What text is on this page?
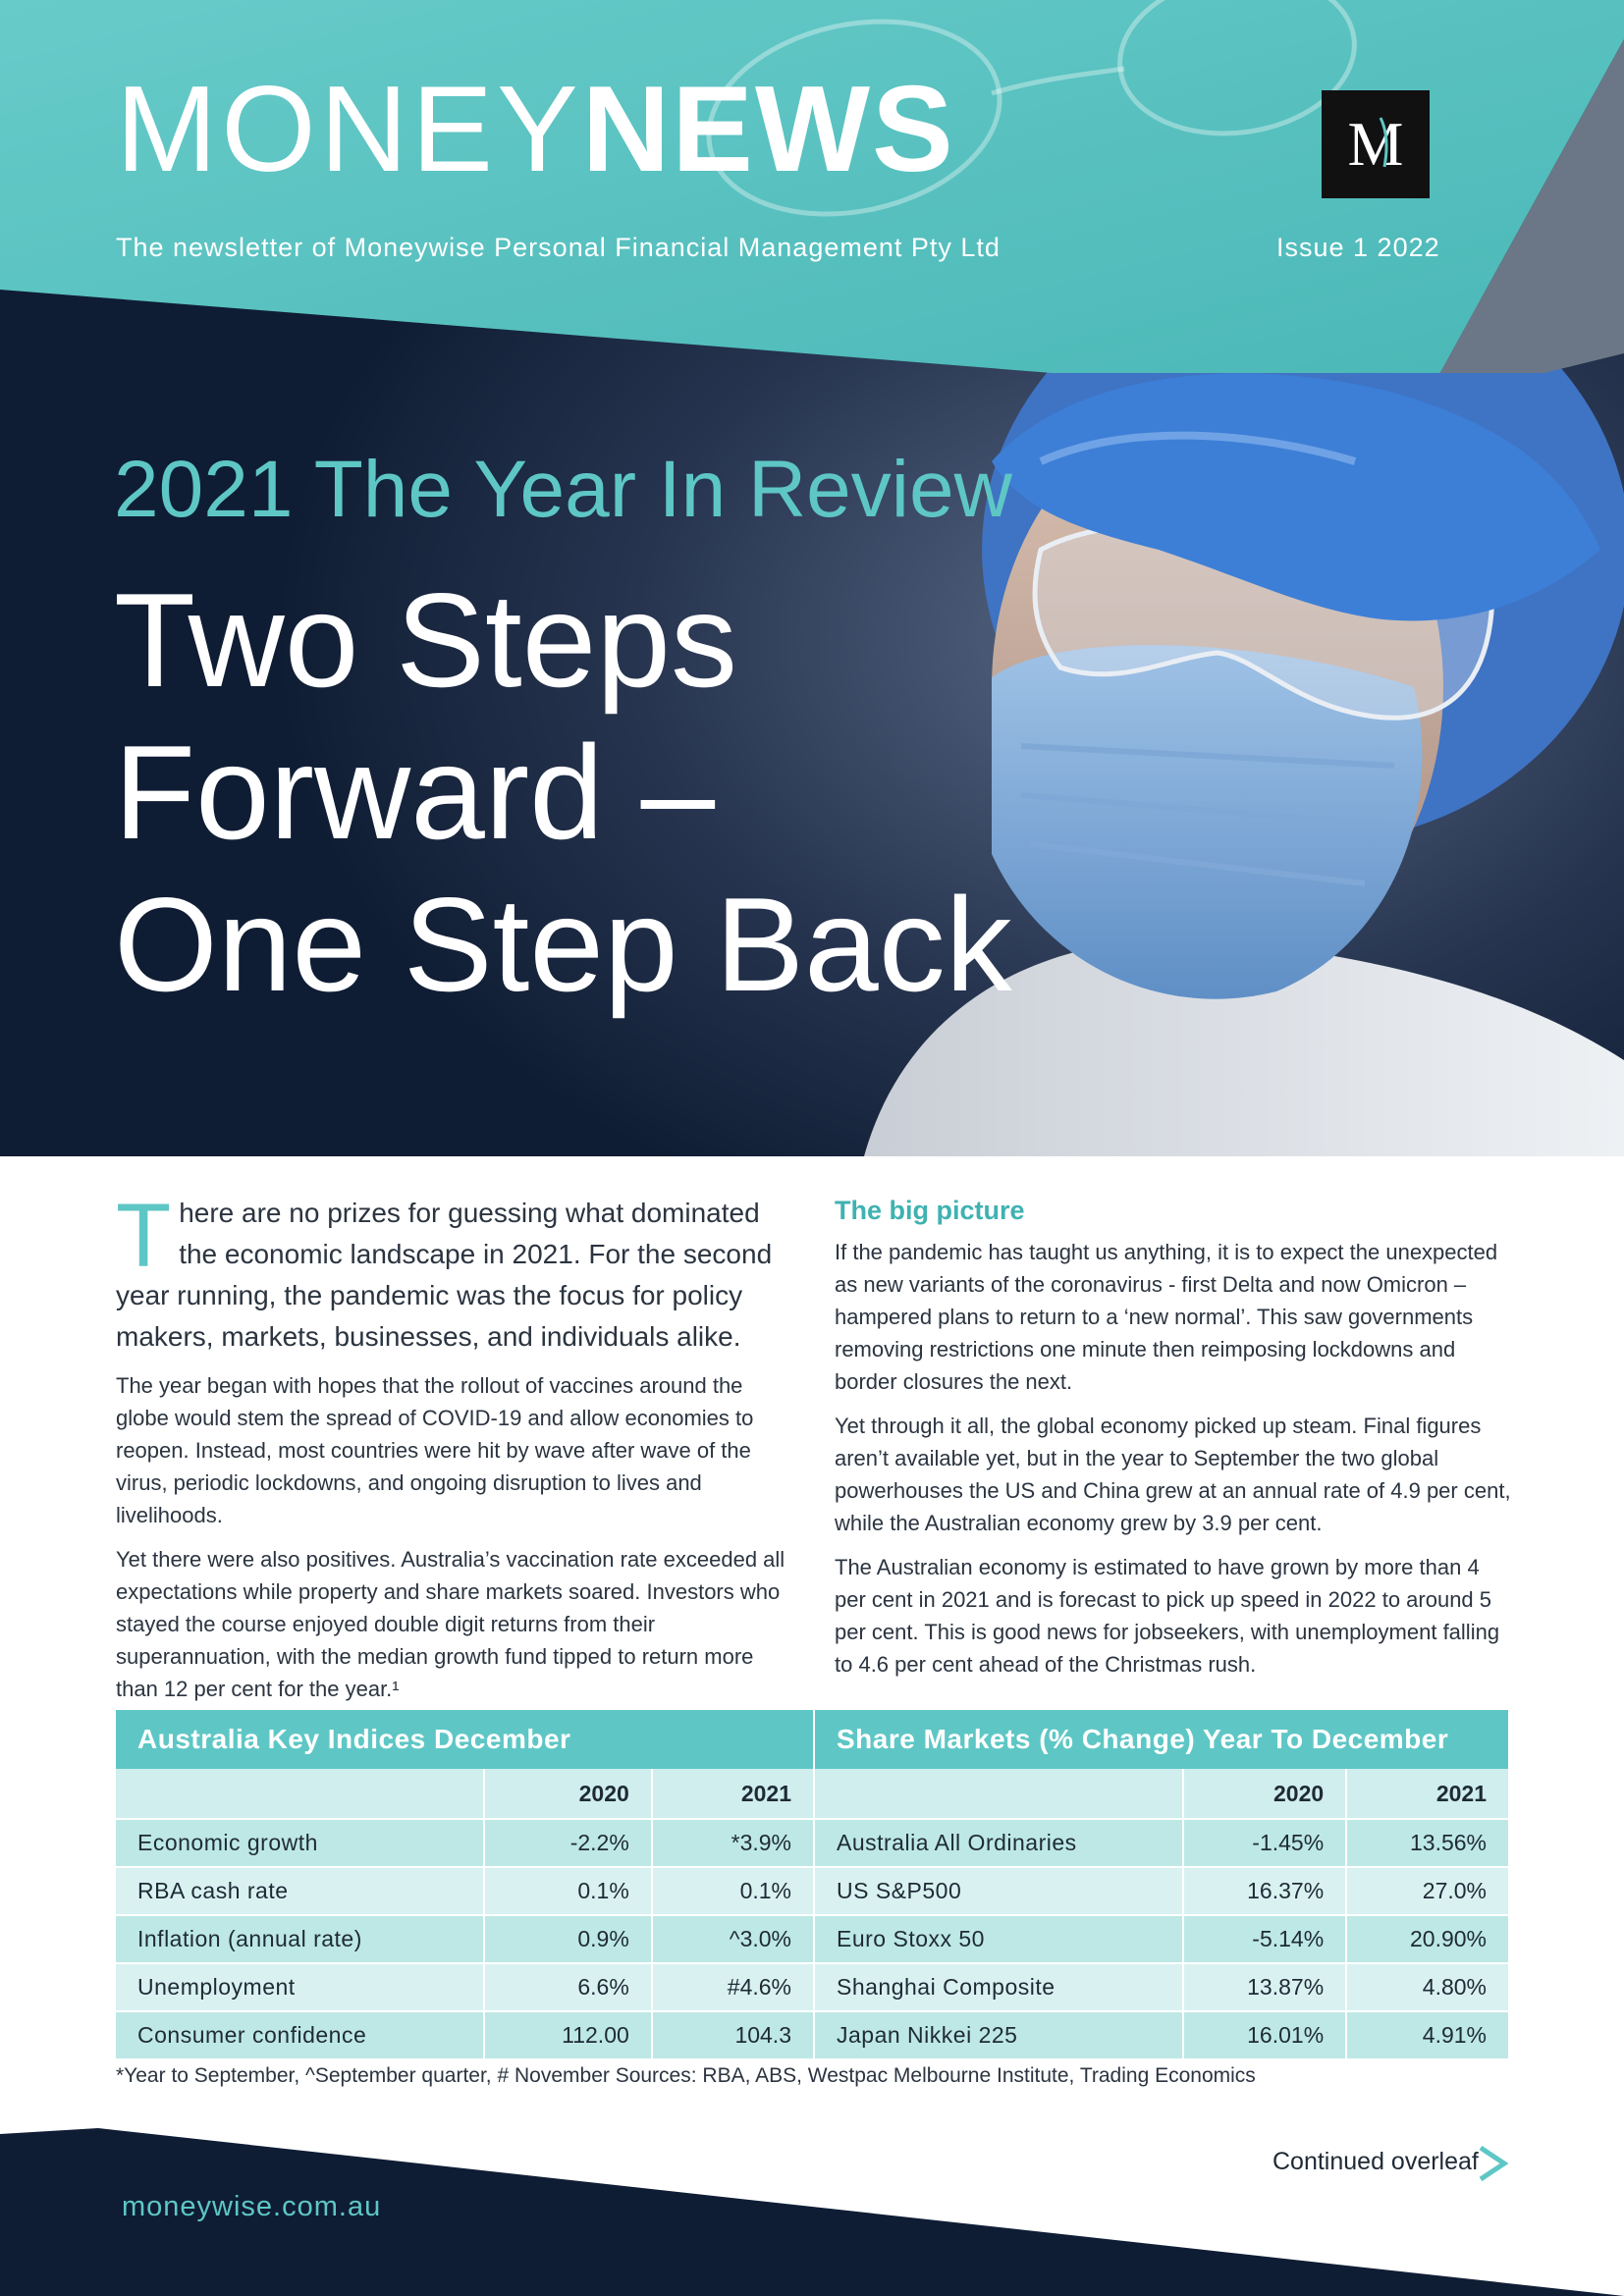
MONEYNEWS
The newsletter of Moneywise Personal Financial Management Pty Ltd	Issue 1 2022
M
2021 The Year In Review
Two Steps
Forward –
One Step Back

There are no prizes for guessing what dominated the economic landscape in 2021. For the second year running, the pandemic was the focus for policy makers, markets, businesses, and individuals alike.

The year began with hopes that the rollout of vaccines around the globe would stem the spread of COVID-19 and allow economies to reopen. Instead, most countries were hit by wave after wave of the virus, periodic lockdowns, and ongoing disruption to lives and livelihoods.

Yet there were also positives. Australia’s vaccination rate exceeded all expectations while property and share markets soared. Investors who stayed the course enjoyed double digit returns from their superannuation, with the median growth fund tipped to return more than 12 per cent for the year.¹

The big picture

If the pandemic has taught us anything, it is to expect the unexpected as new variants of the coronavirus - first Delta and now Omicron – hampered plans to return to a ‘new normal’. This saw governments removing restrictions one minute then reimposing lockdowns and border closures the next.

Yet through it all, the global economy picked up steam. Final figures aren’t available yet, but in the year to September the two global powerhouses the US and China grew at an annual rate of 4.9 per cent, while the Australian economy grew by 3.9 per cent.

The Australian economy is estimated to have grown by more than 4 per cent in 2021 and is forecast to pick up speed in 2022 to around 5 per cent. This is good news for jobseekers, with unemployment falling to 4.6 per cent ahead of the Christmas rush.

Australia Key Indices December		
	2020	2021
Economic growth	-2.2%	*3.9%
RBA cash rate	0.1%	0.1%
Inflation (annual rate)	0.9%	^3.0%
Unemployment	6.6%	#4.6%
Consumer confidence	112.00	104.3
Share Markets (% Change) Year To December		
	2020	2021
Australia All Ordinaries	-1.45%	13.56%
US S&P500	16.37%	27.0%
Euro Stoxx 50	-5.14%	20.90%
Shanghai Composite	13.87%	4.80%
Japan Nikkei 225	16.01%	4.91%
*Year to September, ^September quarter, # November Sources: RBA, ABS, Westpac Melbourne Institute, Trading Economics
Continued overleaf
moneywise.com.au
